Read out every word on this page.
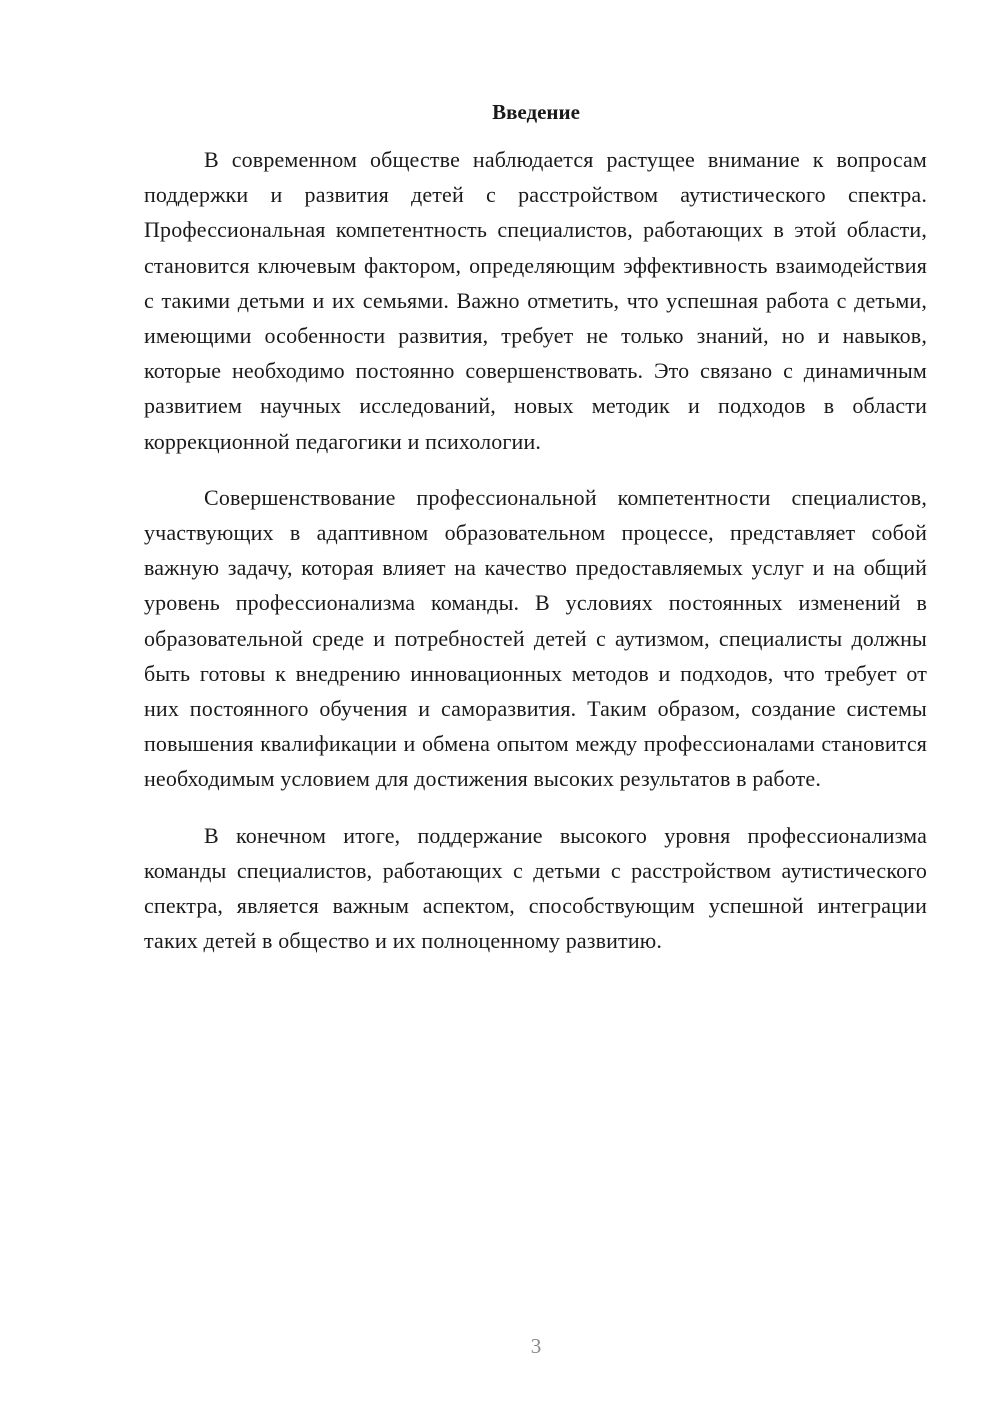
Введение

В современном обществе наблюдается растущее внимание к вопросам поддержки и развития детей с расстройством аутистического спектра. Профессиональная компетентность специалистов, работающих в этой области, становится ключевым фактором, определяющим эффективность взаимодействия с такими детьми и их семьями. Важно отметить, что успешная работа с детьми, имеющими особенности развития, требует не только знаний, но и навыков, которые необходимо постоянно совершенствовать. Это связано с динамичным развитием научных исследований, новых методик и подходов в области коррекционной педагогики и психологии.

Совершенствование профессиональной компетентности специалистов, участвующих в адаптивном образовательном процессе, представляет собой важную задачу, которая влияет на качество предоставляемых услуг и на общий уровень профессионализма команды. В условиях постоянных изменений в образовательной среде и потребностей детей с аутизмом, специалисты должны быть готовы к внедрению инновационных методов и подходов, что требует от них постоянного обучения и саморазвития. Таким образом, создание системы повышения квалификации и обмена опытом между профессионалами становится необходимым условием для достижения высоких результатов в работе.

В конечном итоге, поддержание высокого уровня профессионализма команды специалистов, работающих с детьми с расстройством аутистического спектра, является важным аспектом, способствующим успешной интеграции таких детей в общество и их полноценному развитию.

3
